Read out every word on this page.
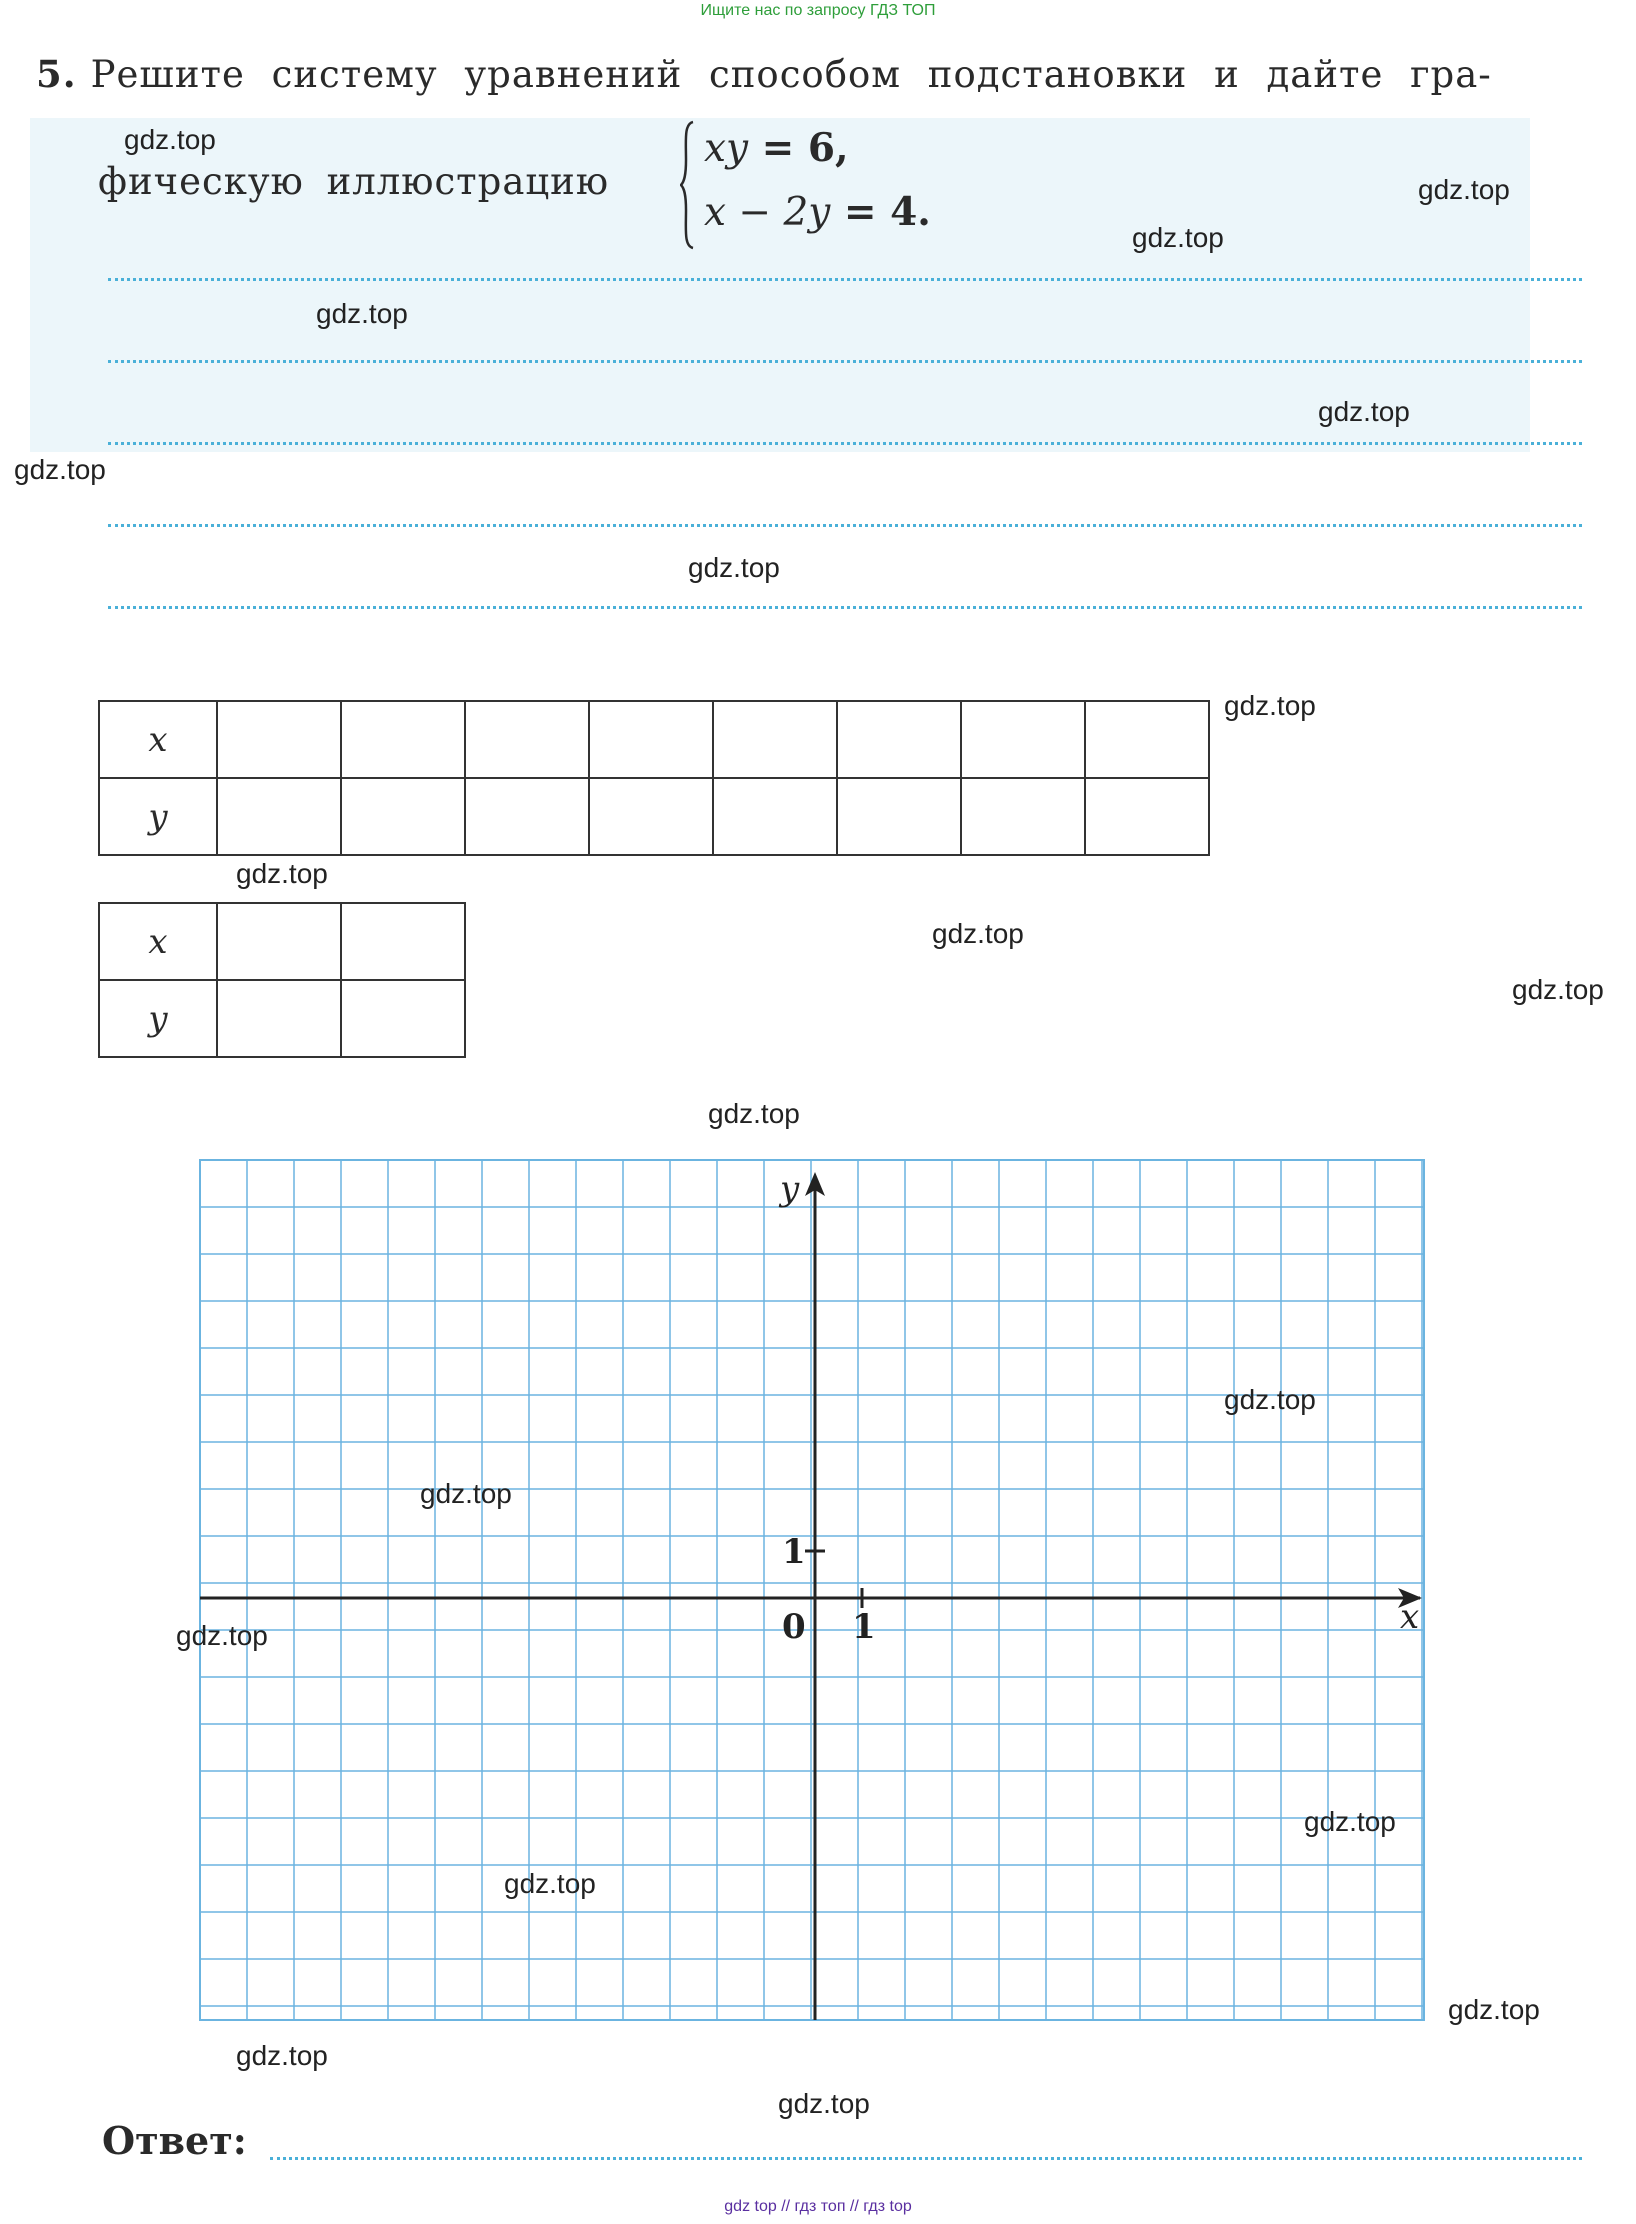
Ищите нас по запросу ГДЗ ТОП
5. Решите систему уравнений способом подстановки и дайте гра-
фическую иллюстрацию
xy = 6,
x − 2y = 4.
x								
y								
x		
y		
x
y
0 1
1
Ответ:
gdz.top
gdz.top
gdz.top
gdz.top
gdz.top
gdz.top
gdz.top
gdz.top
gdz.top
gdz.top
gdz.top
gdz.top
gdz.top
gdz.top
gdz.top
gdz.top
gdz.top
gdz.top
gdz.top
gdz.top
gdz top // гдз топ // гдз top
